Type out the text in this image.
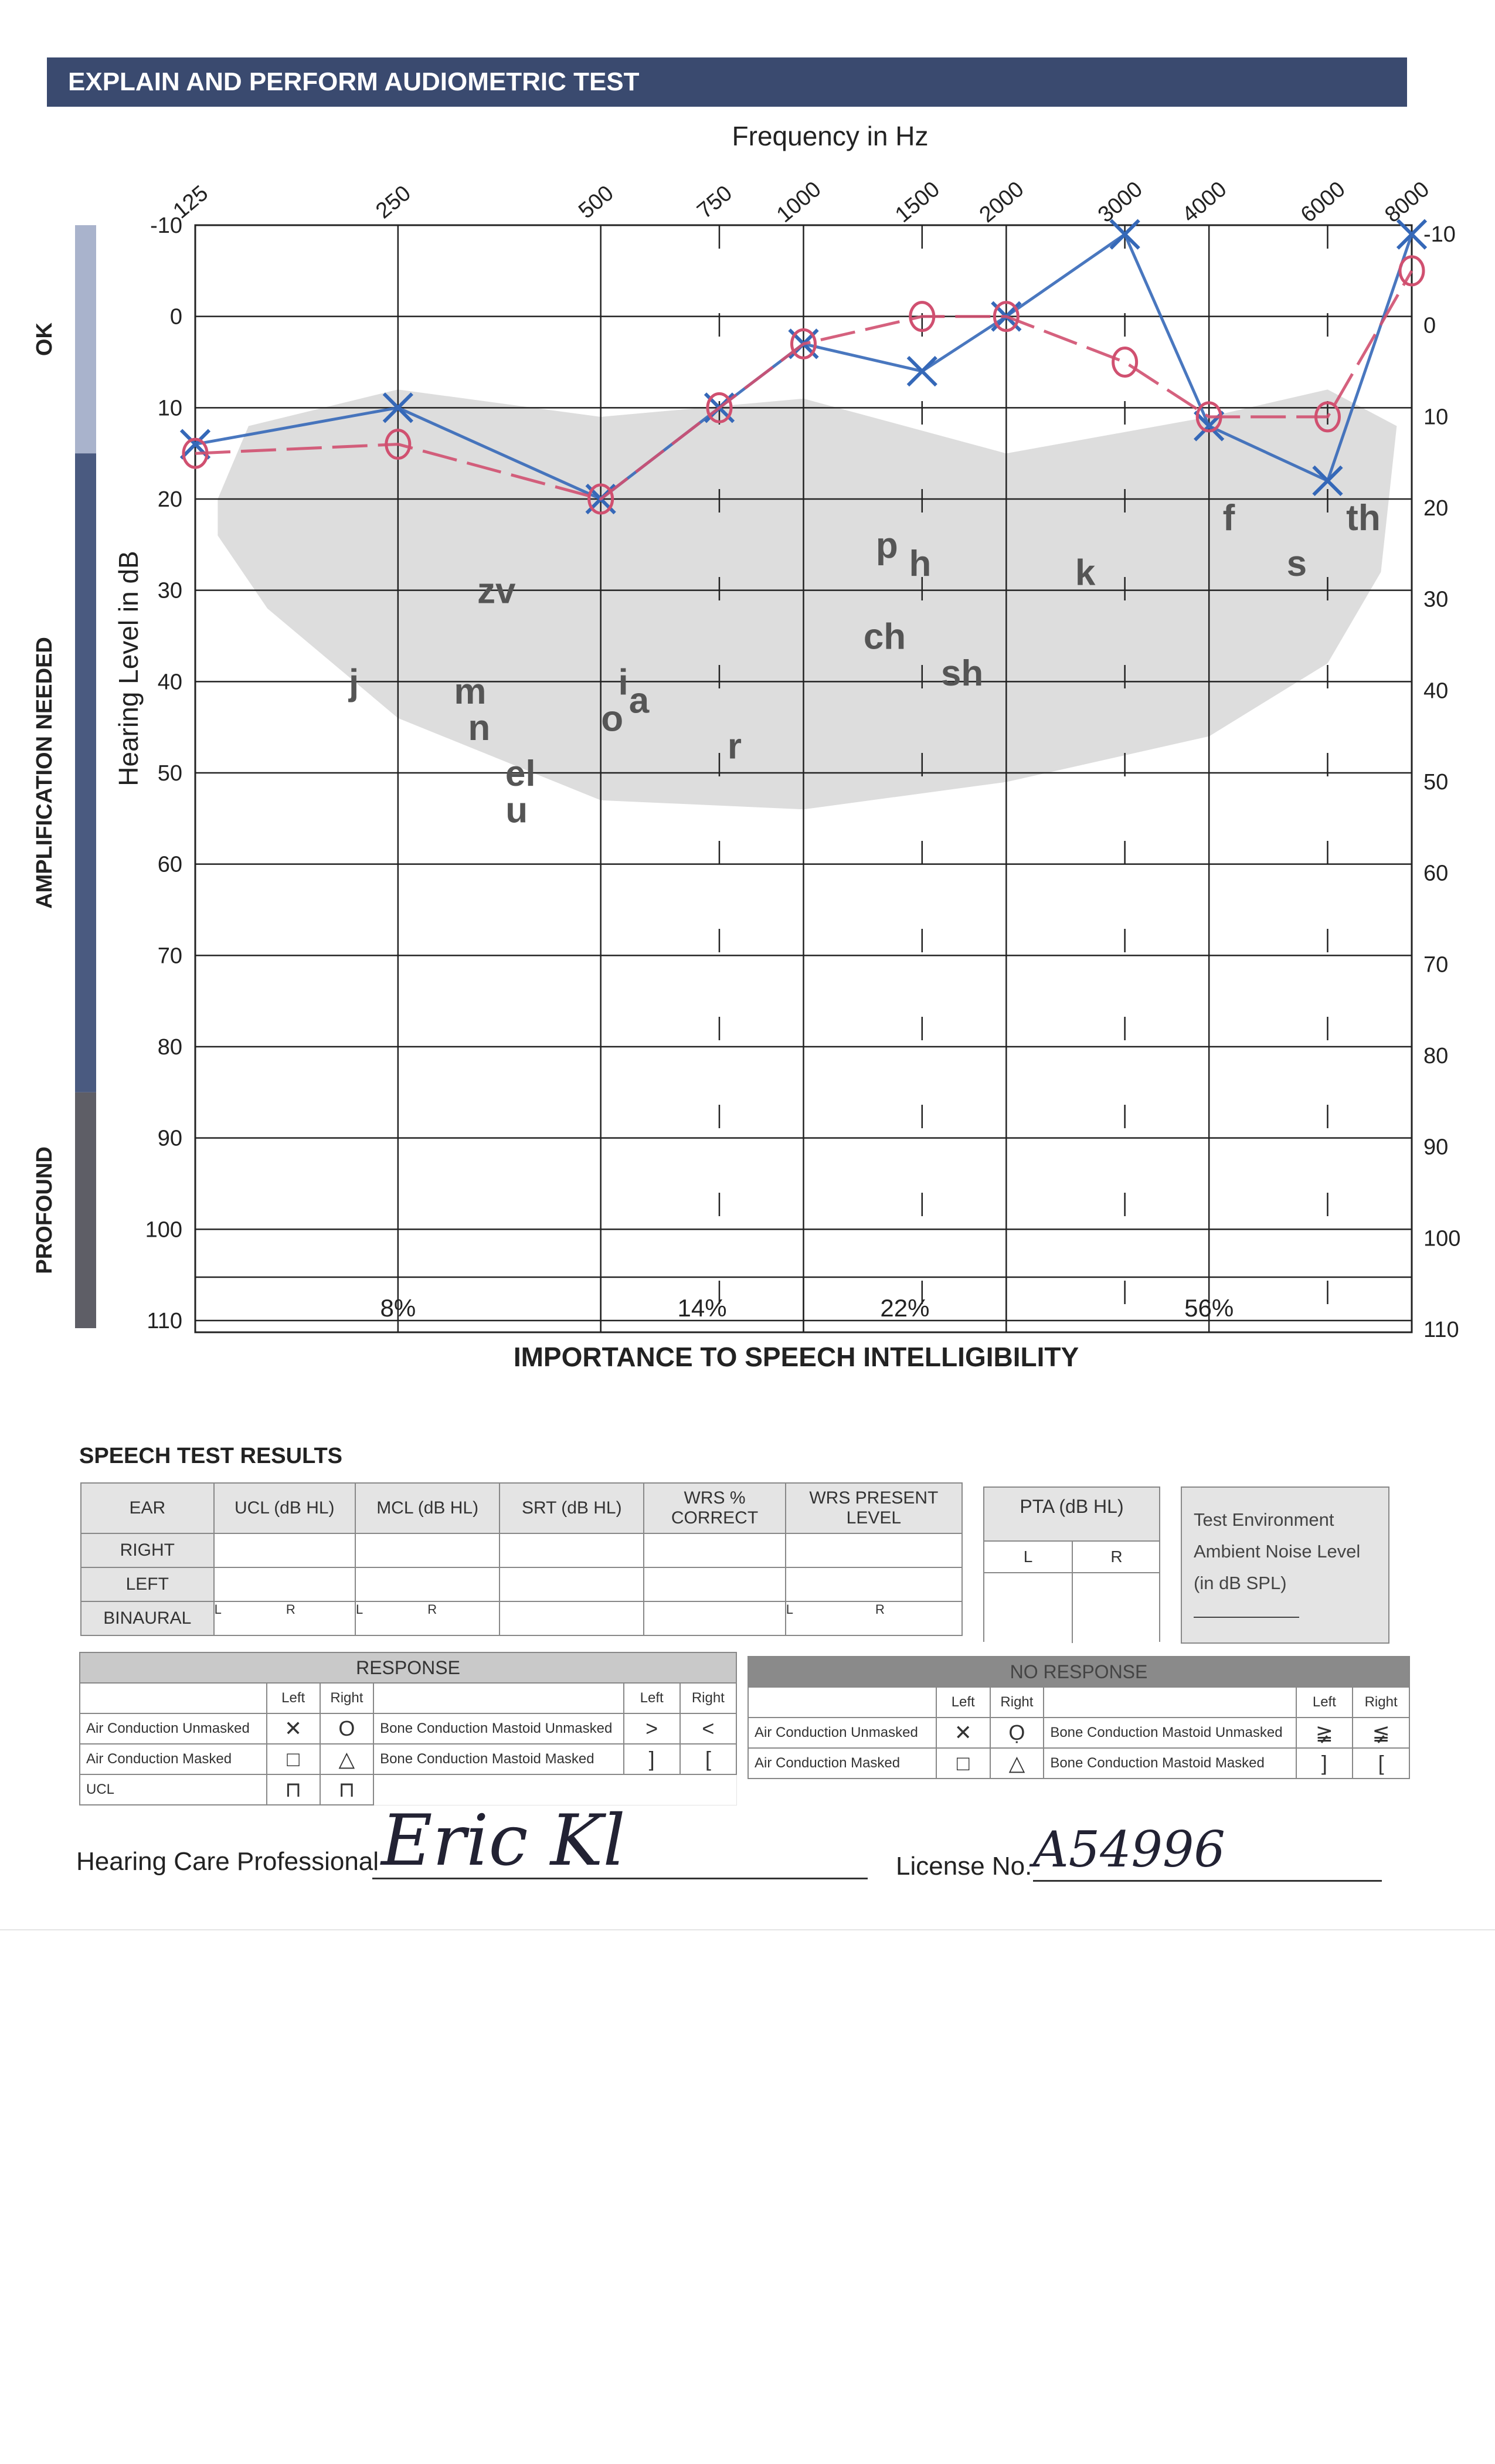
EXPLAIN AND PERFORM AUDIOMETRIC TEST
Frequency in Hz
Hearing Level in dB
OK
AMPLIFICATION NEEDED
PROFOUND
-10	-10
0	0
10	10
20	20
30	30
40	40
50	50
60	60
70	70
80	80
90	90
100	100
110	110
125	250	500	750 1000	1500 2000	3000 4000	6000 8000
zv
j	m
n
el
u
i
o a
r
p h
ch
sh
k
f
s
th
8%	14%	22%	56%
IMPORTANCE TO SPEECH INTELLIGIBILITY
SPEECH TEST RESULTS
EAR	UCL (dB HL)	MCL (dB HL)	SRT (dB HL)	WRS % CORRECT	WRS PRESENT LEVEL
RIGHT					
LEFT					
BINAURAL	L R	L R			L R
PTA (dB HL)
L	R
Test Environment
Ambient Noise Level
(in dB SPL)
RESPONSE					
	Left	Right		Left	Right
Air Conduction Unmasked	✕	O	Bone Conduction Mastoid Unmasked	>	<
Air Conduction Masked	□	△	Bone Conduction Mastoid Masked	]	[
UCL	⊓	⊓			
NO RESPONSE					
	Left	Right		Left	Right
Air Conduction Unmasked	✕	Ọ	Bone Conduction Mastoid Unmasked	≩	≨
Air Conduction Masked	□	△	Bone Conduction Mastoid Masked	]	[
Hearing Care Professional Eric Kl	License No. A54996
